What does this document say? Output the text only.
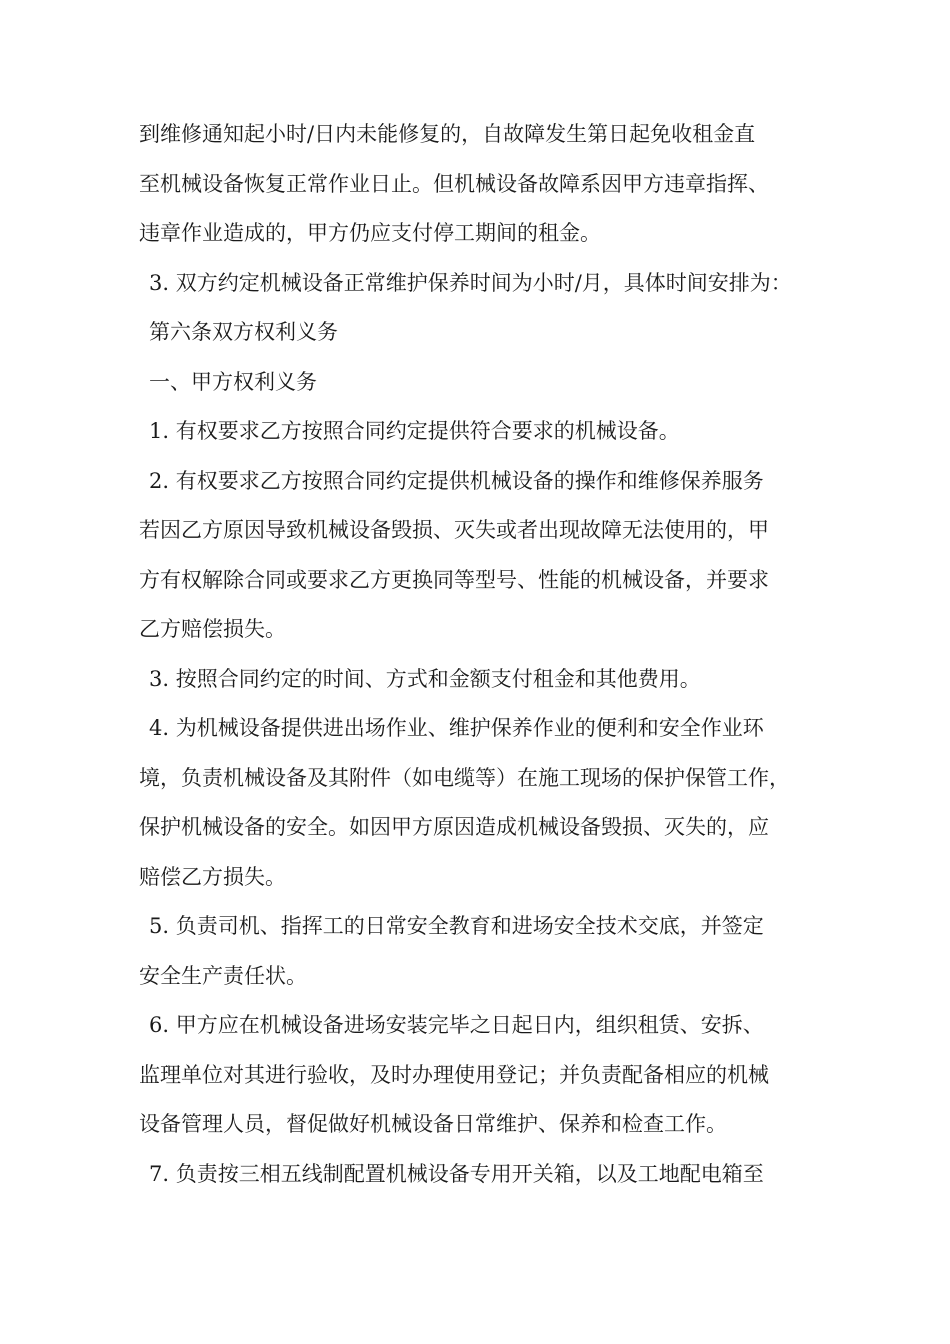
到维修通知起小时/日内未能修复的，自故障发生第日起免收租金直
至机械设备恢复正常作业日止。但机械设备故障系因甲方违章指挥、
违章作业造成的，甲方仍应支付停工期间的租金。
3. 双方约定机械设备正常维护保养时间为小时/月，具体时间安排为：
第六条双方权利义务
一、甲方权利义务
1. 有权要求乙方按照合同约定提供符合要求的机械设备。
2. 有权要求乙方按照合同约定提供机械设备的操作和维修保养服务
若因乙方原因导致机械设备毁损、灭失或者出现故障无法使用的，甲
方有权解除合同或要求乙方更换同等型号、性能的机械设备，并要求
乙方赔偿损失。
3. 按照合同约定的时间、方式和金额支付租金和其他费用。
4. 为机械设备提供进出场作业、维护保养作业的便利和安全作业环
境，负责机械设备及其附件（如电缆等）在施工现场的保护保管工作，
保护机械设备的安全。如因甲方原因造成机械设备毁损、灭失的，应
赔偿乙方损失。
5. 负责司机、指挥工的日常安全教育和进场安全技术交底，并签定
安全生产责任状。
6. 甲方应在机械设备进场安装完毕之日起日内，组织租赁、安拆、
监理单位对其进行验收，及时办理使用登记；并负责配备相应的机械
设备管理人员，督促做好机械设备日常维护、保养和检查工作。
7. 负责按三相五线制配置机械设备专用开关箱，以及工地配电箱至
